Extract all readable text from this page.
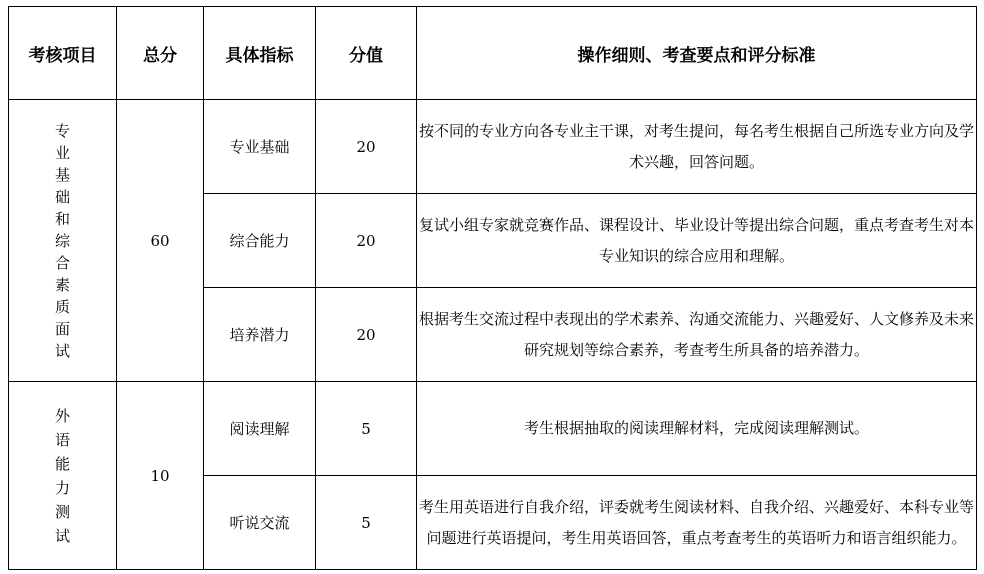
考核项目	总分	具体指标	分值	操作细则、考查要点和评分标准
专业基础和综合素质面试	60	专业基础	20	按不同的专业方向各专业主干课，对考生提问，每名考生根据自己所选专业方向及学术兴趣，回答问题。
		综合能力	20	复试小组专家就竞赛作品、课程设计、毕业设计等提出综合问题，重点考查考生对本专业知识的综合应用和理解。
		培养潜力	20	根据考生交流过程中表现出的学术素养、沟通交流能力、兴趣爱好、人文修养及未来研究规划等综合素养，考查考生所具备的培养潜力。
外语能力测试	10	阅读理解	5	考生根据抽取的阅读理解材料，完成阅读理解测试。
		听说交流	5	考生用英语进行自我介绍，评委就考生阅读材料、自我介绍、兴趣爱好、本科专业等问题进行英语提问，考生用英语回答，重点考查考生的英语听力和语言组织能力。
